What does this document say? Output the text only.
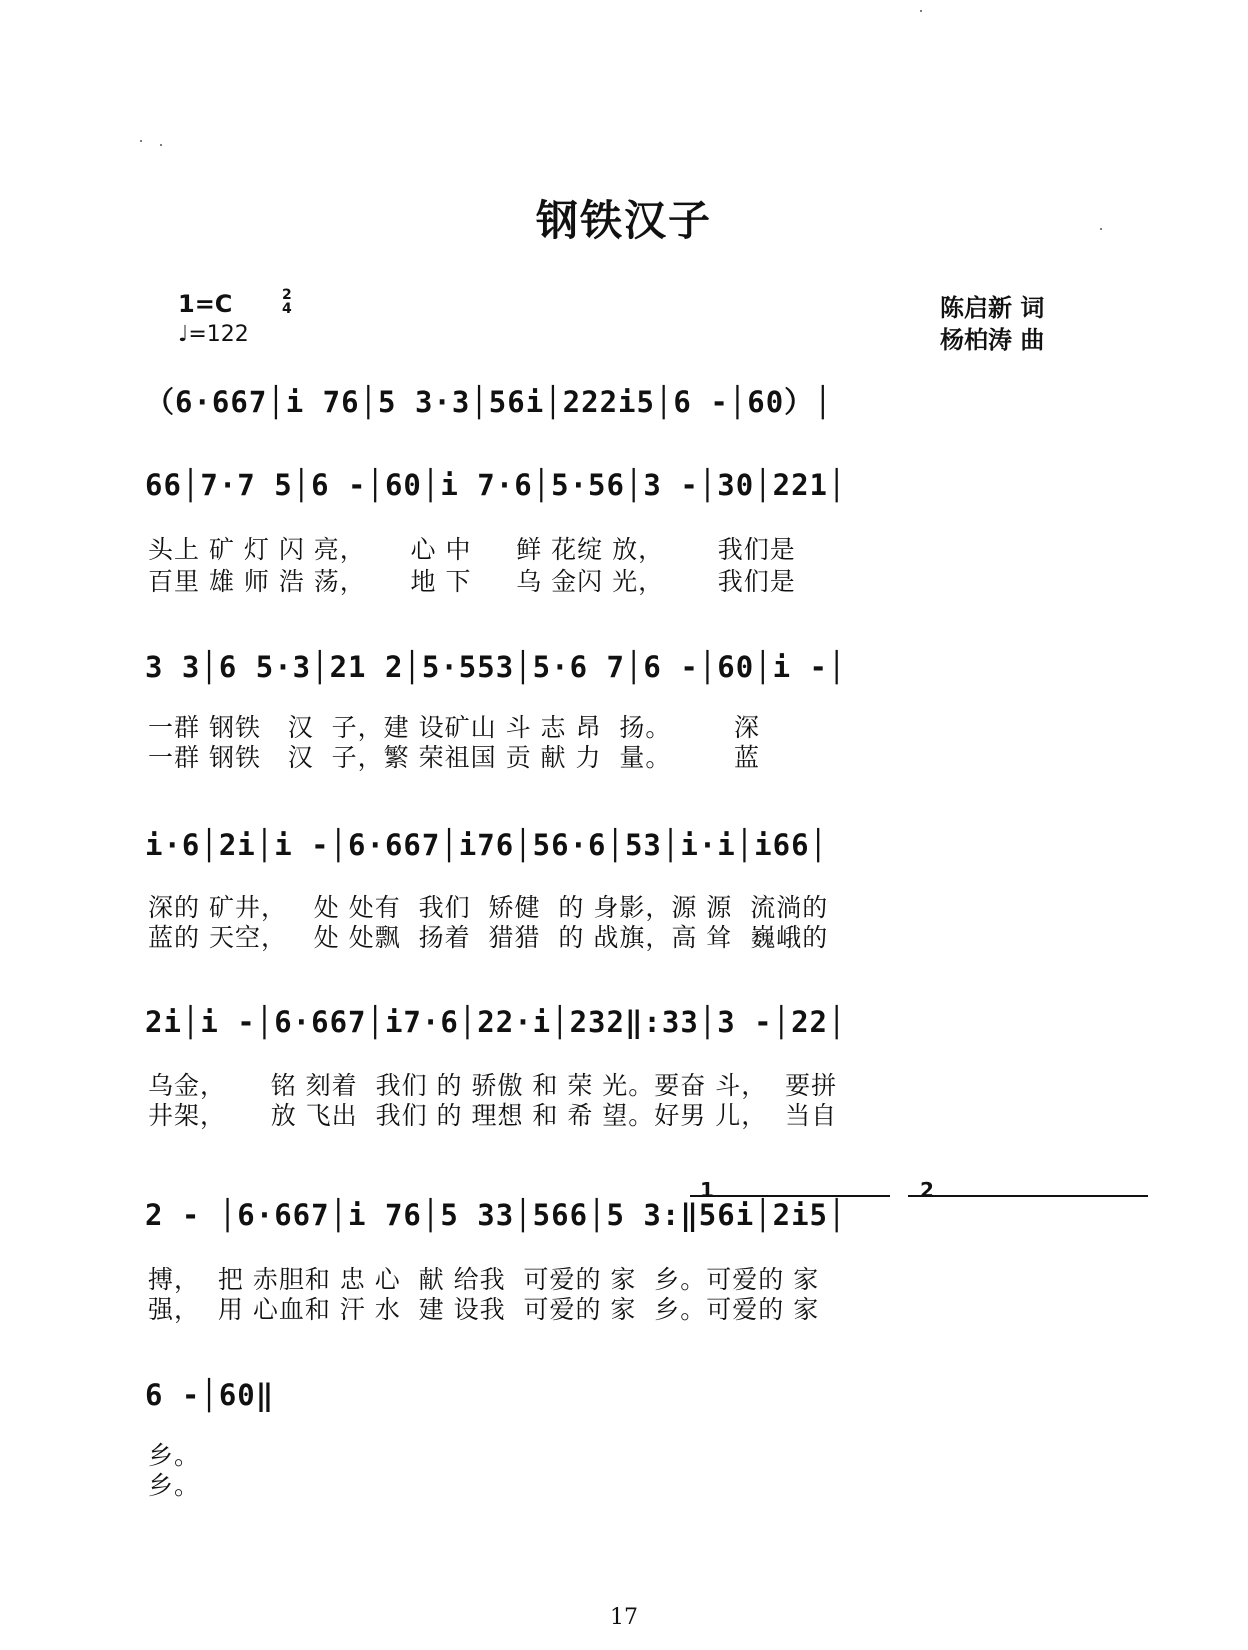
钢铁汉子
1=C	2
4
♩=122
陈启新 词
杨柏涛 曲
（6·667│i 76│5 3·3│56i│222i5│6 -│60）│
66│7·7 5│6 -│60│i 7·6│5·56│3 -│30│221│
头上 矿 灯 闪 亮，     心 中     鲜 花绽 放，      我们是
百里 雄 师 浩 荡，     地 下     乌 金闪 光，      我们是
3 3│6 5·3│21 2│5·553│5·6 7│6 -│60│i -│
一群 钢铁   汉  子，建 设矿山 斗 志 昂  扬。       深
一群 钢铁   汉  子，繁 荣祖国 贡 献 力  量。       蓝
i·6│2i│i -│6·667│i76│56·6│53│i·i│i66│
深的 矿井，   处 处有  我们  矫健  的 身影，源 源  流淌的
蓝的 天空，   处 处飘  扬着  猎猎  的 战旗，高 耸  巍峨的
2i│i -│6·667│i7·6│22·i│232‖:33│3 -│22│
乌金，     铭 刻着  我们 的 骄傲 和 荣 光。要奋 斗，  要拼
井架，     放 飞出  我们 的 理想 和 希 望。好男 儿，  当自
1	2
2 - │6·667│i 76│5 33│566│5 3:‖56i│2i5│
搏，  把 赤胆和 忠 心  献 给我  可爱的 家  乡。可爱的 家
强，  用 心血和 汗 水  建 设我  可爱的 家  乡。可爱的 家
6 -│60‖
乡。
乡。
17
